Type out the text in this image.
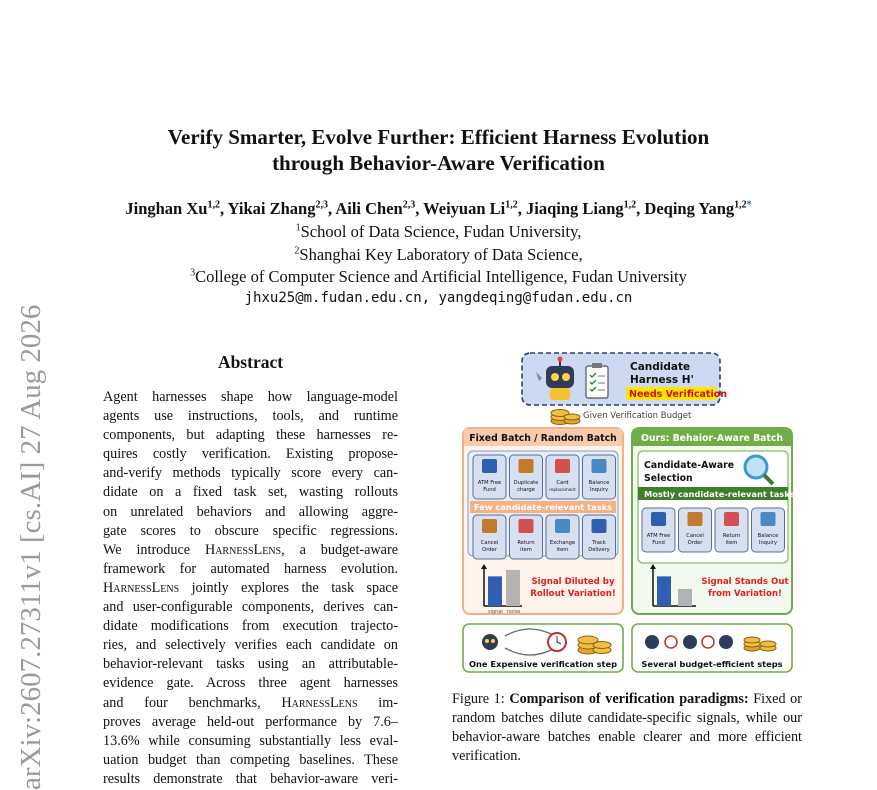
arXiv:2607.27311v1 [cs.AI] 27 Aug 2026
Verify Smarter, Evolve Further: Efficient Harness Evolution
through Behavior-Aware Verification
Jinghan Xu$^{1,2}$, Yikai Zhang$^{2,3}$, Aili Chen$^{2,3}$, Weiyuan Li$^{1,2}$, Jiaqing Liang$^{1,2}$, Deqing Yang$^{1,2*}$
$^1$School of Data Science, Fudan University,
$^2$Shanghai Key Laboratory of Data Science,
$^3$College of Computer Science and Artificial Intelligence, Fudan University
jhxu25@m.fudan.edu.cn, yangdeqing@fudan.edu.cn
Abstract
Agent harnesses shape how language-model
agents use instructions, tools, and runtime
components, but adapting these harnesses re-
quires costly verification. Existing propose-
and-verify methods typically score every can-
didate on a fixed task set, wasting rollouts
on unrelated behaviors and allowing aggre-
gate scores to obscure specific regressions.
We introduce HarnessLens, a budget-aware
framework for automated harness evolution.
HarnessLens jointly explores the task space
and user-configurable components, derives can-
didate modifications from execution trajecto-
ries, and selectively verifies each candidate on
behavior-relevant tasks using an attributable-
evidence gate. Across three agent harnesses
and four benchmarks, HarnessLens im-
proves average held-out performance by 7.6–
13.6% while consuming substantially less eval-
uation budget than competing baselines. These
results demonstrate that behavior-aware veri-
Candidate
Harness H'
Needs Verification
Given Verification Budget
Fixed Batch / Random Batch
ATM Free
Fund
Duplicate
charge
Card
replacement
Balance
Inquiry
Few candidate-relevant tasks
Cancel
Order
Return
item
Exchange
item
Track
Delivery
signal noise
Signal Diluted by
Rollout Variation!
Ours: Behaior-Aware Batch
Candidate-Aware
Selection
Mostly candidate-relevant tasks
ATM Free
Fund
Cancel
Order
Return
item
Balance
Inquiry
Signal Stands Out
from Variation!
One Expensive verification step	Several budget-efficient steps
Figure 1: Comparison of verification paradigms: Fixed or random batches dilute candidate-specific signals, while our behavior-aware batches enable clearer and more efficient verification.
